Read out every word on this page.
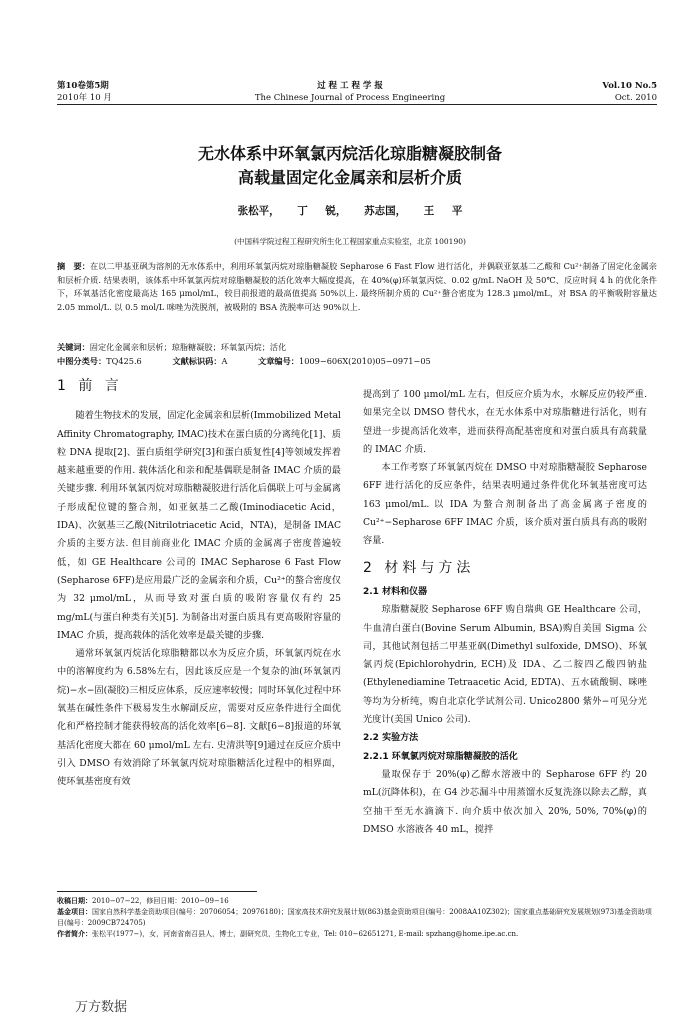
第10卷第5期
2010年 10 月
过 程 工 程 学 报
The Chinese Journal of Process Engineering
Vol.10 No.5
Oct. 2010
无水体系中环氧氯丙烷活化琼脂糖凝胶制备
高载量固定化金属亲和层析介质
张松平， 丁 锐， 苏志国， 王 平
(中国科学院过程工程研究所生化工程国家重点实验室，北京 100190)
摘　要：在以二甲基亚砜为溶剂的无水体系中，利用环氧氯丙烷对琼脂糖凝胶 Sepharose 6 Fast Flow 进行活化，并偶联亚氨基二乙酸和 Cu²⁺制备了固定化金属亲和层析介质. 结果表明，该体系中环氧氯丙烷对琼脂糖凝胶的活化效率大幅度提高，在 40%(φ)环氧氯丙烷、0.02 g/mL NaOH 及 50℃、反应时间 4 h 的优化条件下，环氧基活化密度最高达 165 μmol/mL，较目前报道的最高值提高 50%以上. 最终所制介质的 Cu²⁺螯合密度为 128.3 μmol/mL，对 BSA 的平衡吸附容量达 2.05 mmol/L. 以 0.5 mol/L 咪唑为洗脱剂，被吸附的 BSA 洗脱率可达 90%以上.
关键词：固定化金属亲和层析；琼脂糖凝胶；环氧氯丙烷；活化
中图分类号：TQ425.6	文献标识码：A	文章编号：1009−606X(2010)05−0971−05
1 前 言

随着生物技术的发展，固定化金属亲和层析(Immobilized Metal Affinity Chromatography, IMAC)技术在蛋白质的分离纯化[1]、质粒 DNA 提取[2]、蛋白质组学研究[3]和蛋白质复性[4]等领域发挥着越来越重要的作用. 载体活化和亲和配基偶联是制备 IMAC 介质的最关键步骤. 利用环氧氯丙烷对琼脂糖凝胶进行活化后偶联上可与金属离子形成配位键的螯合剂，如亚氨基二乙酸(Iminodiacetic Acid，IDA)、次氨基三乙酸(Nitrilotriacetic Acid，NTA)，是制备 IMAC 介质的主要方法. 但目前商业化 IMAC 介质的金属离子密度普遍较低，如 GE Healthcare 公司的 IMAC Sepharose 6 Fast Flow (Sepharose 6FF)是应用最广泛的金属亲和介质，Cu²⁺的螯合密度仅为 32 μmol/mL，从而导致对蛋白质的吸附容量仅有约 25 mg/mL(与蛋白种类有关)[5]. 为制备出对蛋白质具有更高吸附容量的 IMAC 介质，提高载体的活化效率是最关键的步骤.

通常环氧氯丙烷活化琼脂糖都以水为反应介质，环氧氯丙烷在水中的溶解度约为 6.58%左右，因此该反应是一个复杂的油(环氧氯丙烷)−水−固(凝胶)三相反应体系，反应速率较慢；同时环氧化过程中环氧基在碱性条件下极易发生水解副反应，需要对反应条件进行全面优化和严格控制才能获得较高的活化效率[6−8]. 文献[6−8]报道的环氧基活化密度大都在 60 μmol/mL 左右. 史清洪等[9]通过在反应介质中引入 DMSO 有效消除了环氧氯丙烷对琼脂糖活化过程中的相界面，使环氧基密度有效

提高到了 100 μmol/mL 左右，但反应介质为水，水解反应仍较严重. 如果完全以 DMSO 替代水，在无水体系中对琼脂糖进行活化，则有望进一步提高活化效率，进而获得高配基密度和对蛋白质具有高载量的 IMAC 介质.

本工作考察了环氧氯丙烷在 DMSO 中对琼脂糖凝胶 Sepharose 6FF 进行活化的反应条件，结果表明通过条件优化环氧基密度可达 163 μmol/mL. 以 IDA 为螯合剂制备出了高金属离子密度的 Cu²⁺−Sepharose 6FF IMAC 介质，该介质对蛋白质具有高的吸附容量.

2 材料与方法
2.1 材料和仪器

琼脂糖凝胶 Sepharose 6FF 购自瑞典 GE Healthcare 公司，牛血清白蛋白(Bovine Serum Albumin, BSA)购自美国 Sigma 公司，其他试剂包括二甲基亚砜(Dimethyl sulfoxide, DMSO)、环氧氯丙烷(Epichlorohydrin, ECH)及 IDA、乙二胺四乙酸四钠盐(Ethylenediamine Tetraacetic Acid, EDTA)、五水硫酸铜、咪唑等均为分析纯，购自北京化学试剂公司. Unico2800 紫外−可见分光光度计(美国 Unico 公司).

2.2 实验方法
2.2.1 环氧氯丙烷对琼脂糖凝胶的活化

量取保存于 20%(φ)乙醇水溶液中的 Sepharose 6FF 约 20 mL(沉降体积)，在 G4 沙芯漏斗中用蒸馏水反复洗涤以除去乙醇，真空抽干至无水滴滴下. 向介质中依次加入 20%, 50%, 70%(φ)的 DMSO 水溶液各 40 mL，搅拌

收稿日期：2010−07−22，修回日期：2010−09−16
基金项目：国家自然科学基金资助项目(编号：20706054；20976180)；国家高技术研究发展计划(863)基金资助项目(编号：2008AA10Z302)；国家重点基础研究发展规划(973)基金资助项目(编号：2009CB724705)
作者简介：张松平(1977−)，女，河南省南召县人，博士，副研究员，生物化工专业，Tel: 010−62651271, E-mail: spzhang@home.ipe.ac.cn.
万方数据
